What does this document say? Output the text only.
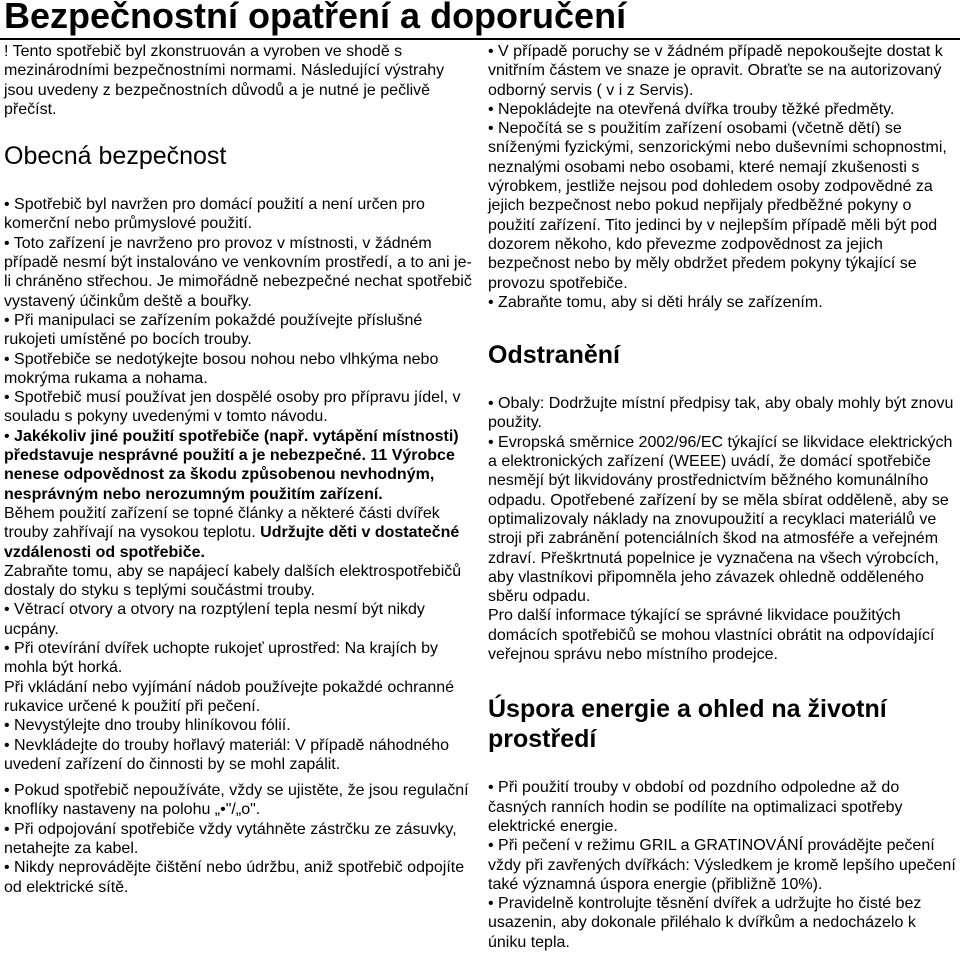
Bezpečnostní opatření a doporučení

! Tento spotřebič byl zkonstruován a vyroben ve shodě s mezinárodními bezpečnostními normami. Následující výstrahy jsou uvedeny z bezpečnostních důvodů a je nutné je pečlivě přečíst.

Obecná bezpečnost

• Spotřebič byl navržen pro domácí použití a není určen pro komerční nebo průmyslové použití.

• Toto zařízení je navrženo pro provoz v místnosti, v žádném případě nesmí být instalováno ve venkovním prostředí, a to ani je-li chráněno střechou. Je mimořádně nebezpečné nechat spotřebič vystavený účinkům deště a bouřky.

• Při manipulaci se zařízením pokaždé používejte příslušné rukojeti umístěné po bocích trouby.

• Spotřebiče se nedotýkejte bosou nohou nebo vlhkýma nebo mokrýma rukama a nohama.

• Spotřebič musí používat jen dospělé osoby pro přípravu jídel, v souladu s pokyny uvedenými v tomto návodu.

• Jakékoliv jiné použití spotřebiče (např. vytápění místnosti) představuje nesprávné použití a je nebezpečné. 11 Výrobce nenese odpovědnost za škodu způsobenou nevhodným, nesprávným nebo nerozumným použitím zařízení.

Během použití zařízení se topné články a některé části dvířek trouby zahřívají na vysokou teplotu. Udržujte děti v dostatečné vzdálenosti od spotřebiče.

Zabraňte tomu, aby se napájecí kabely dalších elektrospotřebičů dostaly do styku s teplými součástmi trouby.

• Větrací otvory a otvory na rozptýlení tepla nesmí být nikdy ucpány.

• Při otevírání dvířek uchopte rukojeť uprostřed: Na krajích by mohla být horká.

Při vkládání nebo vyjímání nádob používejte pokaždé ochranné rukavice určené k použití při pečení.

• Nevystýlejte dno trouby hliníkovou fólií.

• Nevkládejte do trouby hořlavý materiál: V případě náhodného uvedení zařízení do činnosti by se mohl zapálit.

• Pokud spotřebič nepoužíváte, vždy se ujistěte, že jsou regulační knoflíky nastaveny na polohu „•"/„o".

• Při odpojování spotřebiče vždy vytáhněte zástrčku ze zásuvky, netahejte za kabel.

• Nikdy neprovádějte čištění nebo údržbu, aniž spotřebič odpojíte od elektrické sítě.

• V případě poruchy se v žádném případě nepokoušejte dostat k vnitřním částem ve snaze je opravit. Obraťte se na autorizovaný odborný servis ( v i z Servis).

• Nepokládejte na otevřená dvířka trouby těžké předměty.

• Nepočítá se s použitím zařízení osobami (včetně dětí) se sníženými fyzickými, senzorickými nebo duševními schopnostmi, neznalými osobami nebo osobami, které nemají zkušenosti s výrobkem, jestliže nejsou pod dohledem osoby zodpovědné za jejich bezpečnost nebo pokud nepřijaly předběžné pokyny o použití zařízení. Tito jedinci by v nejlepším případě měli být pod dozorem někoho, kdo převezme zodpovědnost za jejich bezpečnost nebo by měly obdržet předem pokyny týkající se provozu spotřebiče.

• Zabraňte tomu, aby si děti hrály se zařízením.

Odstranění

• Obaly: Dodržujte místní předpisy tak, aby obaly mohly být znovu použity.

• Evropská směrnice 2002/96/EC týkající se likvidace elektrických a elektronických zařízení (WEEE) uvádí, že domácí spotřebiče nesmějí být likvidovány prostřednictvím běžného komunálního odpadu. Opotřebené zařízení by se měla sbírat odděleně, aby se optimalizovaly náklady na znovupoužití a recyklaci materiálů ve stroji při zabránění potenciálních škod na atmosféře a veřejném zdraví. Přeškrtnutá popelnice je vyznačena na všech výrobcích, aby vlastníkovi připomněla jeho závazek ohledně odděleného sběru odpadu.

Pro další informace týkající se správné likvidace použitých domácích spotřebičů se mohou vlastníci obrátit na odpovídající veřejnou správu nebo místního prodejce.

Úspora energie a ohled na životní prostředí

• Při použití trouby v období od pozdního odpoledne až do časných ranních hodin se podílíte na optimalizaci spotřeby elektrické energie.

• Při pečení v režimu GRIL a GRATINOVÁNÍ provádějte pečení vždy při zavřených dvířkách: Výsledkem je kromě lepšího upečení také významná úspora energie (přibližně 10%).

• Pravidelně kontrolujte těsnění dvířek a udržujte ho čisté bez usazenin, aby dokonale přiléhalo k dvířkům a nedocházelo k úniku tepla.
